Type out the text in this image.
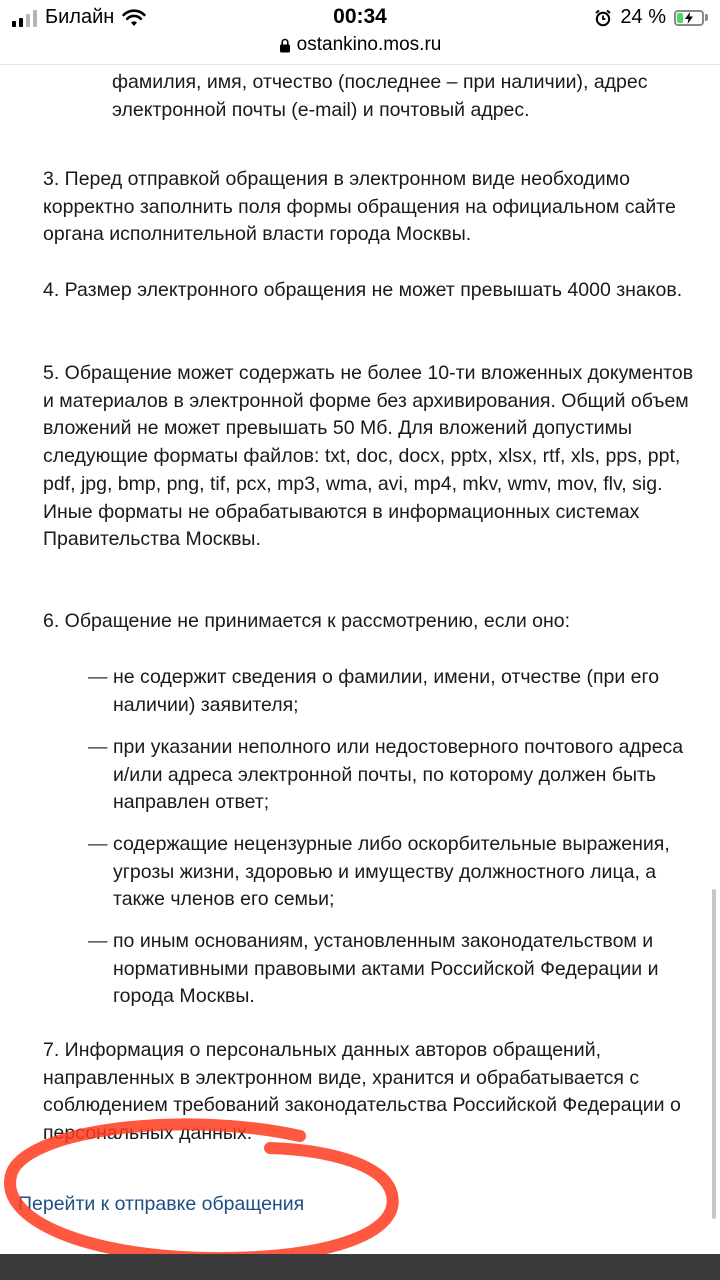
Билайн	00:34	24 %
ostankino.mos.ru
фамилия, имя, отчество (последнее – при наличии), адрес
электронной почты (e-mail) и почтовый адрес.

3. Перед отправкой обращения в электронном виде необходимо корректно заполнить поля формы обращения на официальном сайте органа исполнительной власти города Москвы.

4. Размер электронного обращения не может превышать 4000 знаков.

5. Обращение может содержать не более 10-ти вложенных документов и материалов в электронной форме без архивирования. Общий объем вложений не может превышать 50 Мб. Для вложений допустимы следующие форматы файлов: txt, doc, docx, pptx, xlsx, rtf, xls, pps, ppt, pdf, jpg, bmp, png, tif, pcx, mp3, wma, avi, mp4, mkv, wmv, mov, flv, sig. Иные форматы не обрабатываются в информационных системах Правительства Москвы.

6. Обращение не принимается к рассмотрению, если оно:

— не содержит сведения о фамилии, имени, отчестве (при его наличии) заявителя;
— при указании неполного или недостоверного почтового адреса и/или адреса электронной почты, по которому должен быть направлен ответ;
— содержащие нецензурные либо оскорбительные выражения, угрозы жизни, здоровью и имуществу должностного лица, а также членов его семьи;
— по иным основаниям, установленным законодательством и нормативными правовыми актами Российской Федерации и города Москвы.

7. Информация о персональных данных авторов обращений, направленных в электронном виде, хранится и обрабатывается с соблюдением требований законодательства Российской Федерации о персональных данных.

Перейти к отправке обращения
